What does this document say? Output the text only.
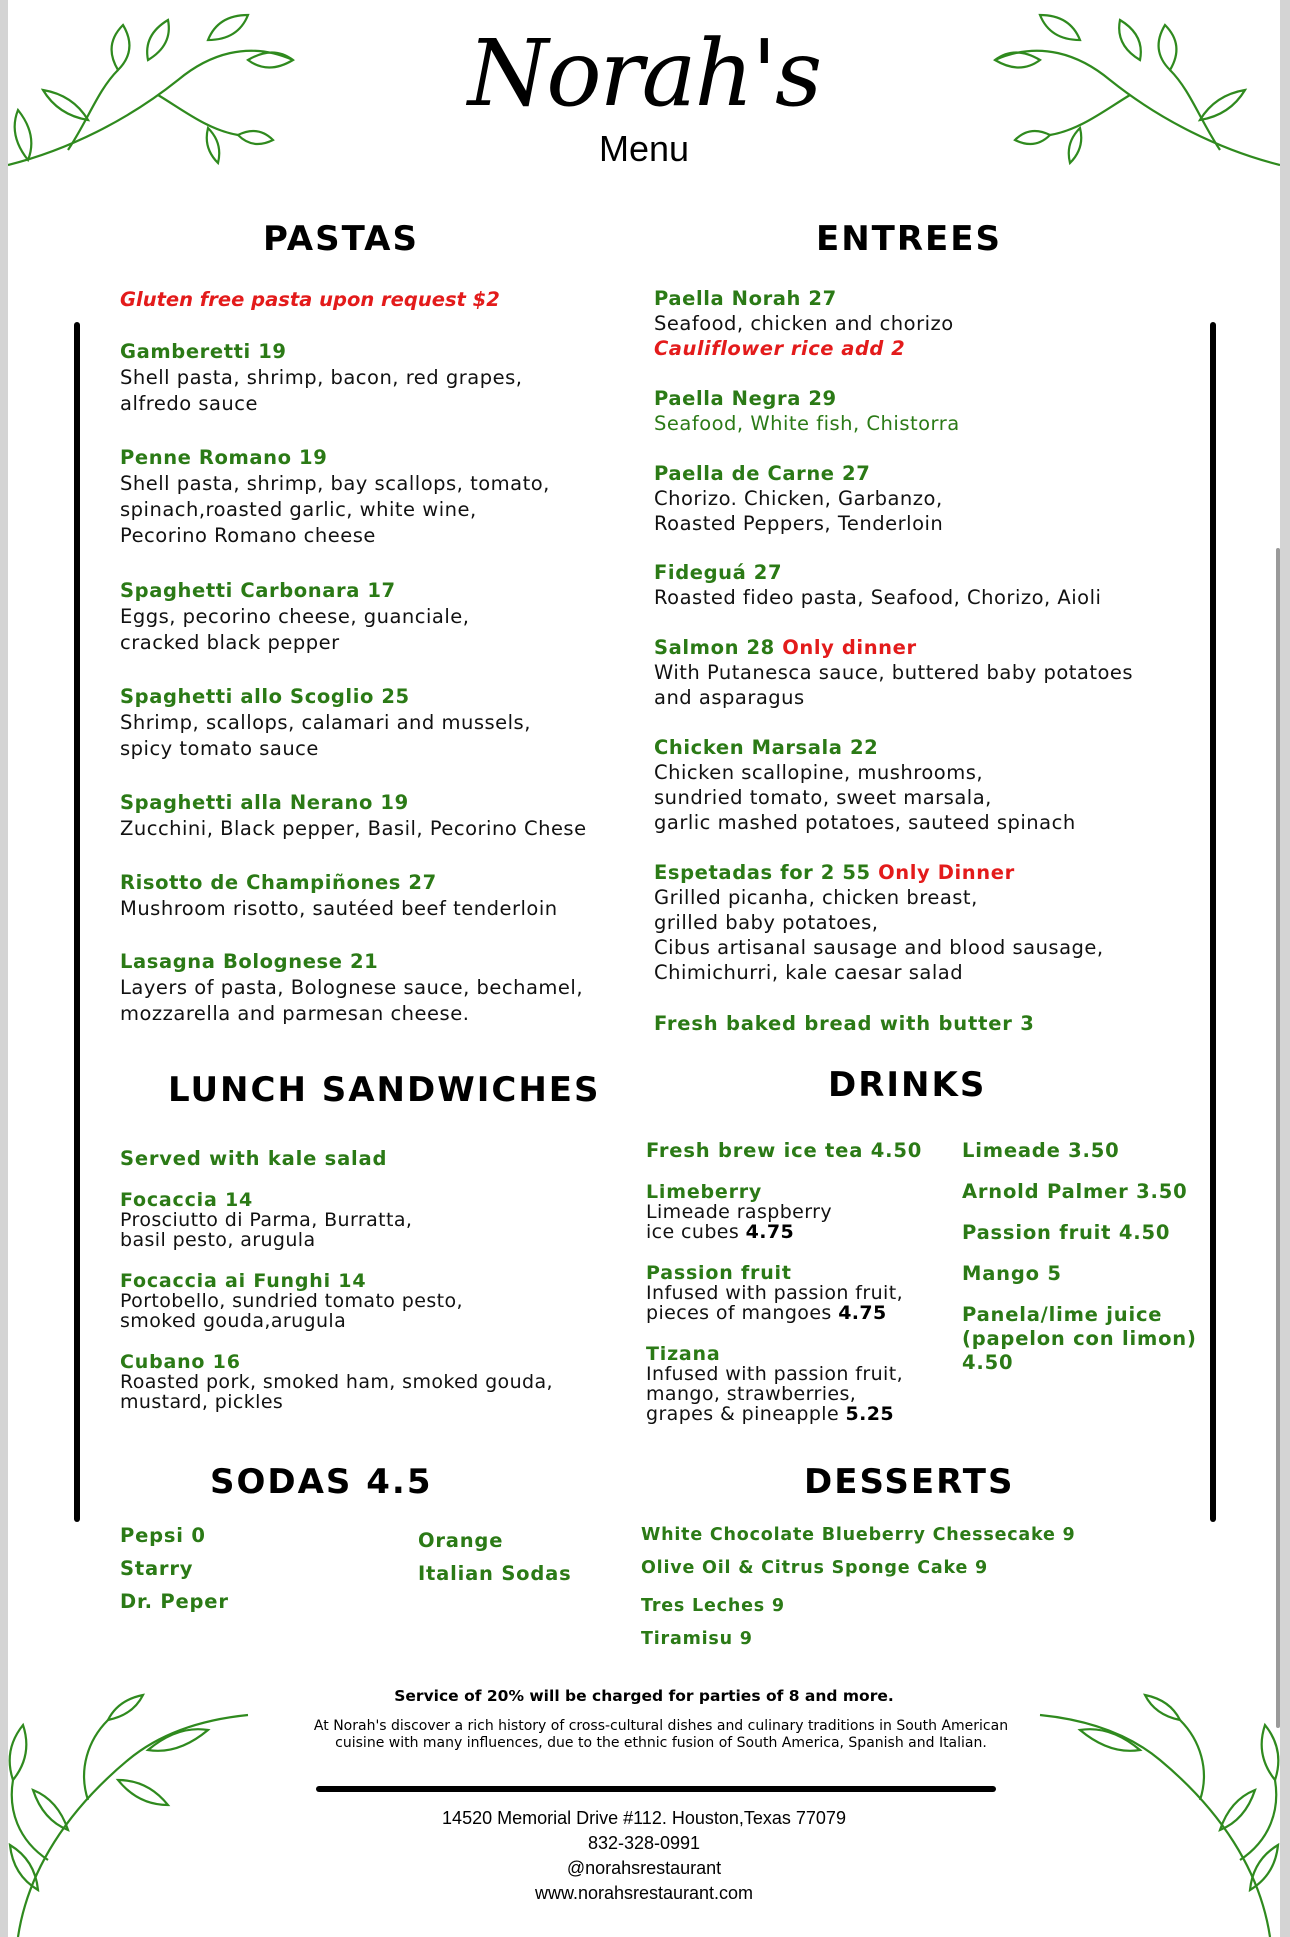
Norah's
Menu
PASTAS
Gluten free pasta upon request $2
Gamberetti 19
Shell pasta, shrimp, bacon, red grapes,
alfredo sauce
Penne Romano 19
Shell pasta, shrimp, bay scallops, tomato,
spinach,roasted garlic, white wine,
Pecorino Romano cheese
Spaghetti Carbonara 17
Eggs, pecorino cheese, guanciale,
cracked black pepper
Spaghetti allo Scoglio 25
Shrimp, scallops, calamari and mussels,
spicy tomato sauce
Spaghetti alla Nerano 19
Zucchini, Black pepper, Basil, Pecorino Chese
Risotto de Champiñones 27
Mushroom risotto, sautéed beef tenderloin
Lasagna Bolognese 21
Layers of pasta, Bolognese sauce, bechamel,
mozzarella and parmesan cheese.
ENTREES
Paella Norah 27
Seafood, chicken and chorizo
Cauliflower rice add 2
Paella Negra 29
Seafood, White fish, Chistorra
Paella de Carne 27
Chorizo. Chicken, Garbanzo,
Roasted Peppers, Tenderloin
Fideguá 27
Roasted fideo pasta, Seafood, Chorizo, Aioli
Salmon 28 Only dinner
With Putanesca sauce, buttered baby potatoes
and asparagus
Chicken Marsala 22
Chicken scallopine, mushrooms,
sundried tomato, sweet marsala,
garlic mashed potatoes, sauteed spinach
Espetadas for 2 55 Only Dinner
Grilled picanha, chicken breast,
grilled baby potatoes,
Cibus artisanal sausage and blood sausage,
Chimichurri, kale caesar salad
Fresh baked bread with butter 3
LUNCH SANDWICHES
Served with kale salad
Focaccia 14
Prosciutto di Parma, Burratta,
basil pesto, arugula
Focaccia ai Funghi 14
Portobello, sundried tomato pesto,
smoked gouda,arugula
Cubano 16
Roasted pork, smoked ham, smoked gouda,
mustard, pickles
DRINKS
Fresh brew ice tea 4.50
Limeberry
Limeade raspberry
ice cubes 4.75
Passion fruit
Infused with passion fruit,
pieces of mangoes 4.75
Tizana
Infused with passion fruit,
mango, strawberries,
grapes & pineapple 5.25
Limeade 3.50
Arnold Palmer 3.50
Passion fruit 4.50
Mango 5
Panela/lime juice
(papelon con limon)
4.50
SODAS 4.5
Pepsi 0
Starry
Dr. Peper
Orange
Italian Sodas
DESSERTS
White Chocolate Blueberry Chessecake 9
Olive Oil & Citrus Sponge Cake 9
Tres Leches 9
Tiramisu 9
Service of 20% will be charged for parties of 8 and more.
At Norah's discover a rich history of cross-cultural dishes and culinary traditions in South American cuisine with many influences, due to the ethnic fusion of South America, Spanish and Italian.
14520 Memorial Drive #112. Houston,Texas 77079
832-328-0991
@norahsrestaurant
www.norahsrestaurant.com
